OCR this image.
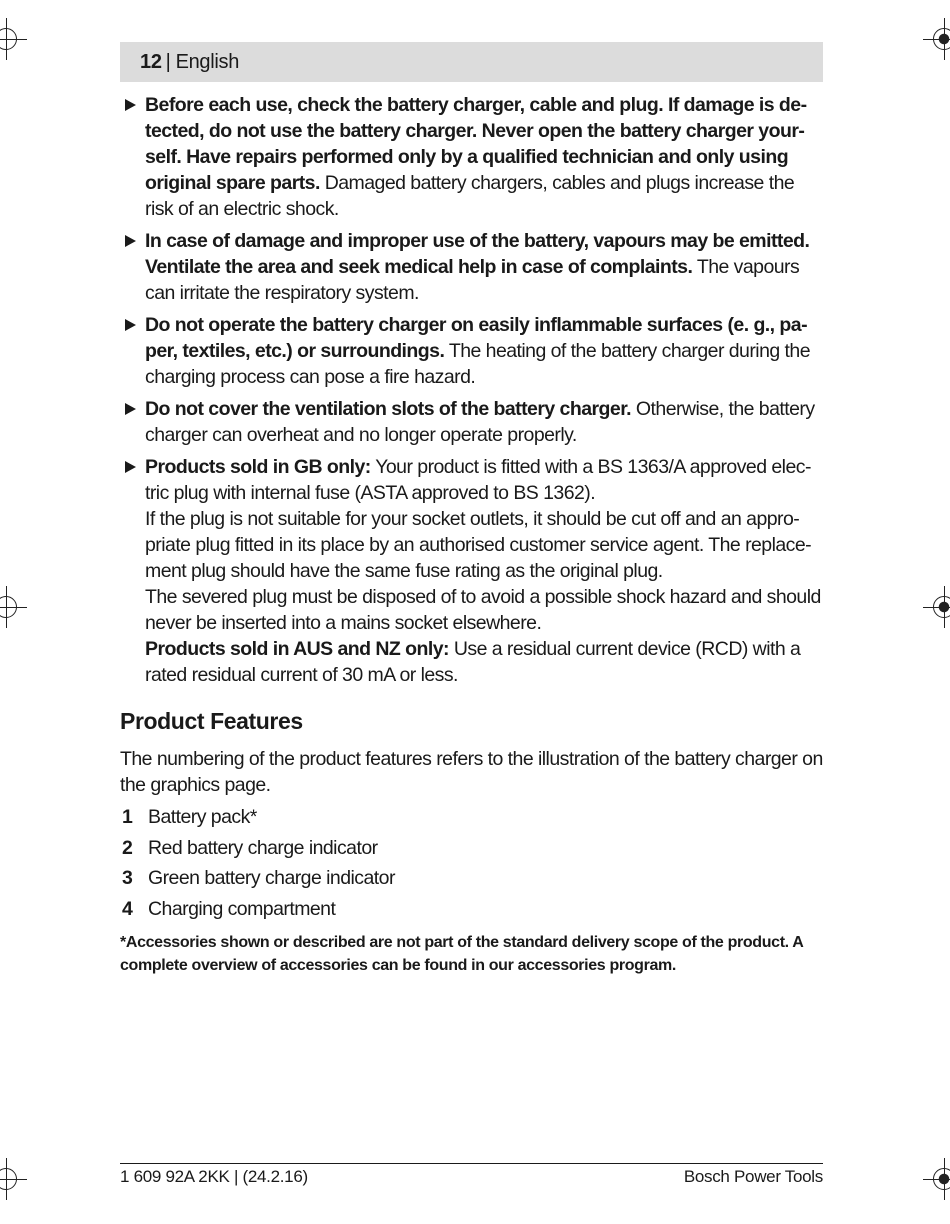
12 | English
Before each use, check the battery charger, cable and plug. If damage is detected, do not use the battery charger. Never open the battery charger yourself. Have repairs performed only by a qualified technician and only using original spare parts. Damaged battery chargers, cables and plugs increase the risk of an electric shock.
In case of damage and improper use of the battery, vapours may be emitted. Ventilate the area and seek medical help in case of complaints. The vapours can irritate the respiratory system.
Do not operate the battery charger on easily inflammable surfaces (e. g., paper, textiles, etc.) or surroundings. The heating of the battery charger during the charging process can pose a fire hazard.
Do not cover the ventilation slots of the battery charger. Otherwise, the battery charger can overheat and no longer operate properly.
Products sold in GB only: Your product is fitted with a BS 1363/A approved electric plug with internal fuse (ASTA approved to BS 1362).
If the plug is not suitable for your socket outlets, it should be cut off and an appropriate plug fitted in its place by an authorised customer service agent. The replacement plug should have the same fuse rating as the original plug.
The severed plug must be disposed of to avoid a possible shock hazard and should never be inserted into a mains socket elsewhere.
Products sold in AUS and NZ only: Use a residual current device (RCD) with a rated residual current of 30 mA or less.
Product Features
The numbering of the product features refers to the illustration of the battery charger on the graphics page.
1 Battery pack*
2 Red battery charge indicator
3 Green battery charge indicator
4 Charging compartment
*Accessories shown or described are not part of the standard delivery scope of the product. A complete overview of accessories can be found in our accessories program.
1 609 92A 2KK | (24.2.16)	Bosch Power Tools
